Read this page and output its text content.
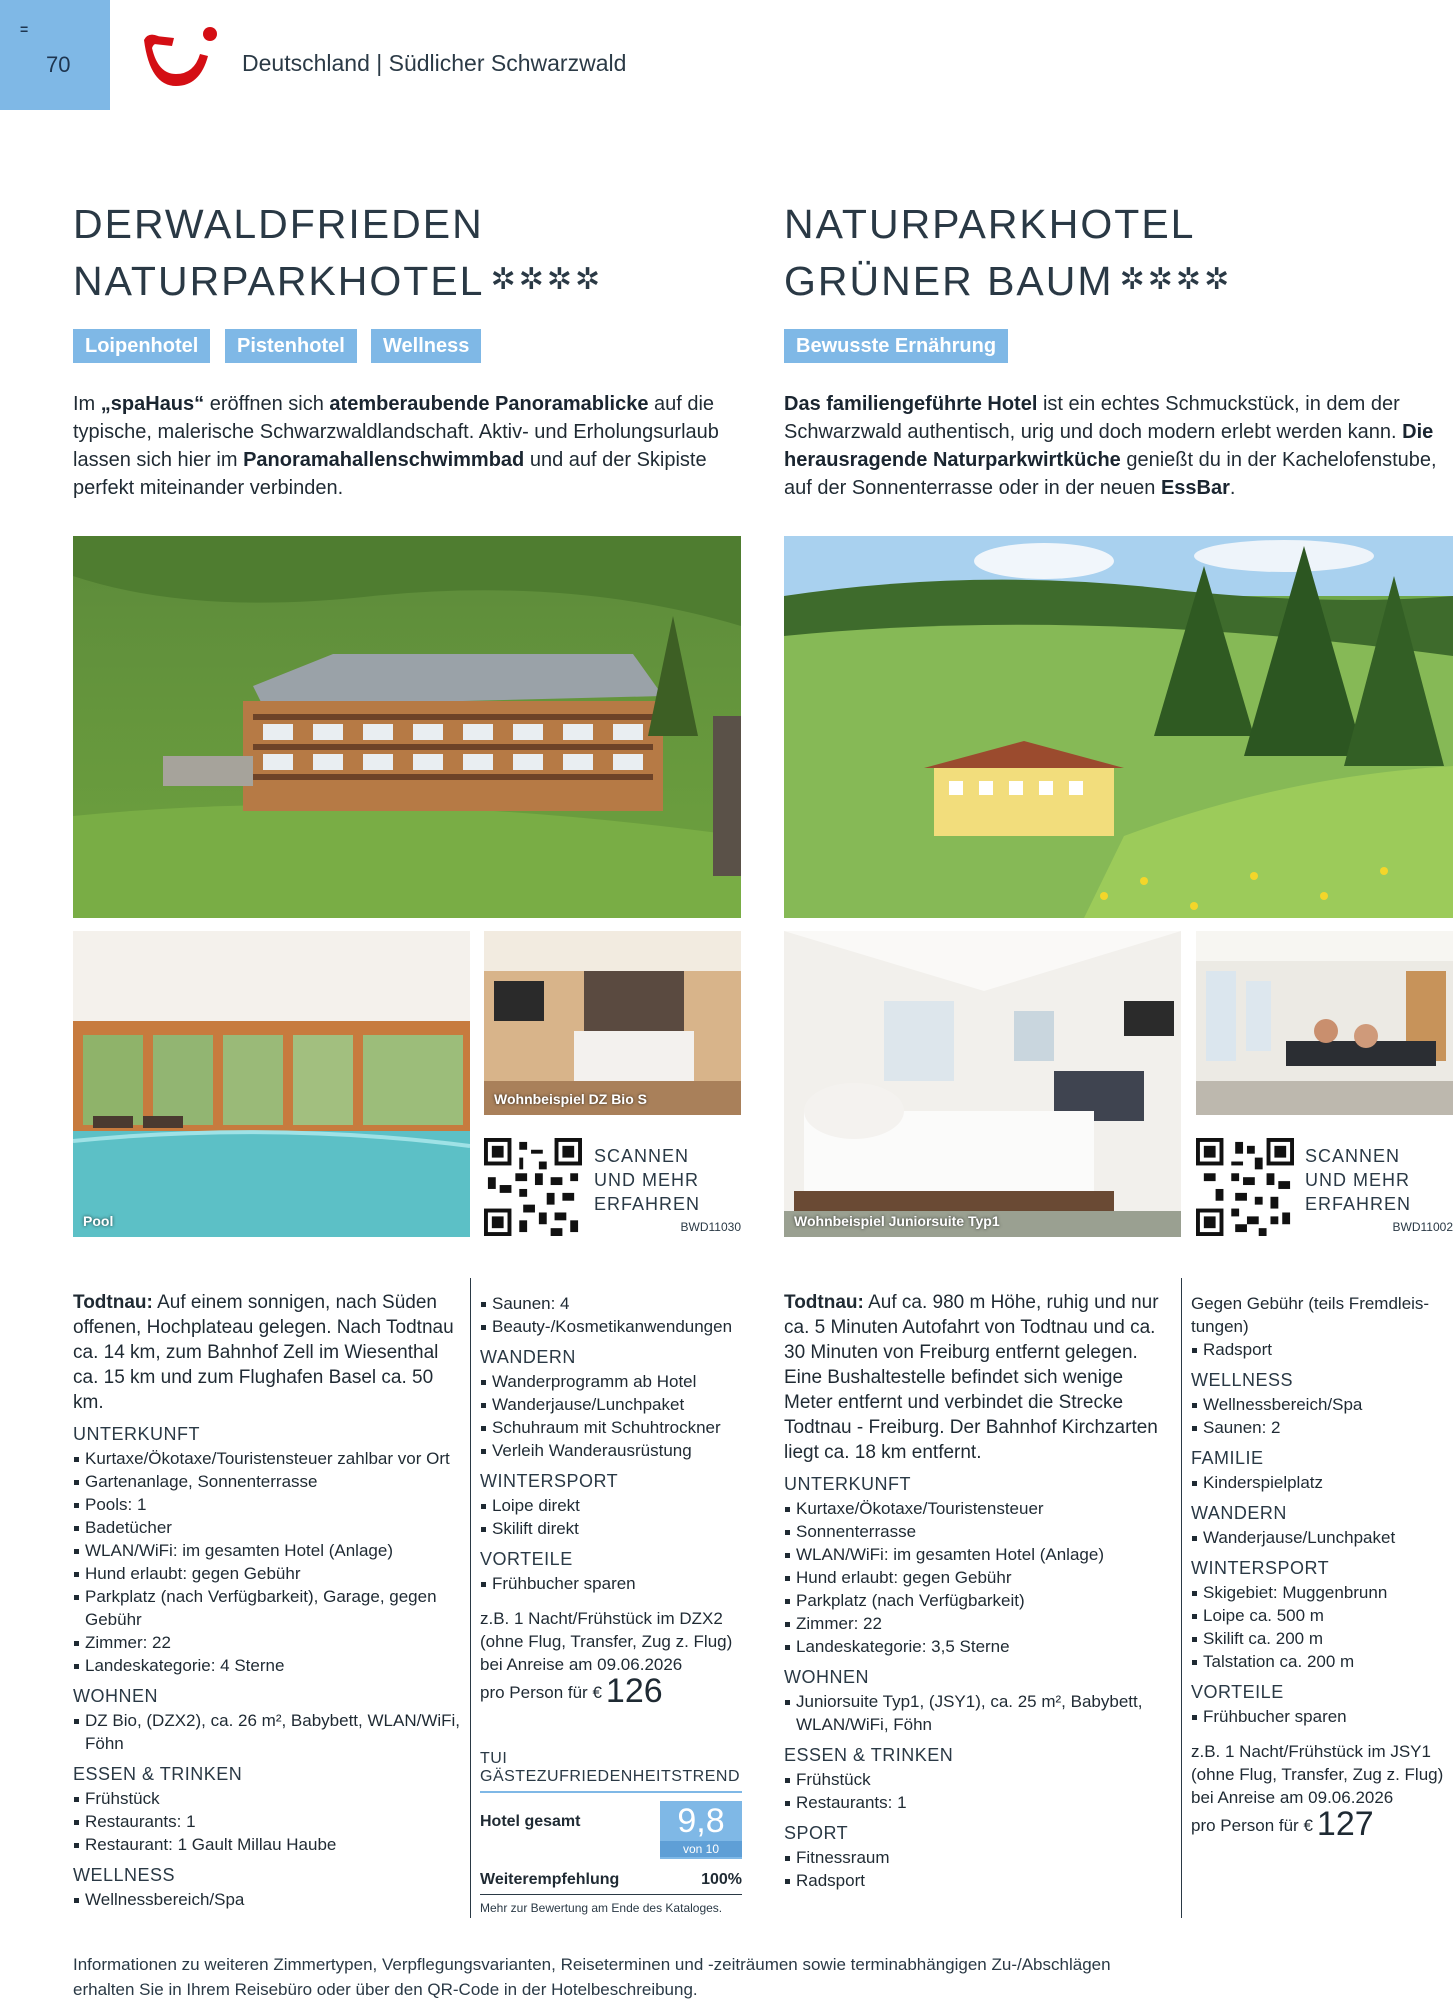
=
70	Deutschland | Südlicher Schwarzwald
DERWALDFRIEDEN
NATURPARKHOTEL ✲✲✲✲
Loipenhotel	Pistenhotel	Wellness

Im „spaHaus“ eröffnen sich atemberaubende Panoramablicke auf die typische, malerische Schwarzwaldlandschaft. Aktiv- und Erholungsurlaub lassen sich hier im Panoramahallenschwimmbad und auf der Skipiste perfekt miteinander verbinden.

NATURPARKHOTEL
GRÜNER BAUM ✲✲✲✲
Bewusste Ernährung

Das familiengeführte Hotel ist ein echtes Schmuckstück, in dem der Schwarzwald authentisch, urig und doch modern erlebt werden kann. Die herausragende Naturparkwirtküche genießt du in der Kachelofenstube, auf der Sonnenterrasse oder in der neuen EssBar.

Pool
Wohnbeispiel DZ Bio S
SCANNEN
UND MEHR
ERFAHREN
BWD11030	Wohnbeispiel Juniorsuite Typ1
SCANNEN
UND MEHR
ERFAHREN
BWD11002

Todtnau: Auf einem sonnigen, nach Süden offenen, Hochplateau gelegen. Nach Todtnau ca. 14 km, zum Bahnhof Zell im Wiesenthal ca. 15 km und zum Flughafen Basel ca. 50 km.

UNTERKUNFT
Kurtaxe/Ökotaxe/Touristensteuer zahlbar vor Ort
Gartenanlage, Sonnenterrasse
Pools: 1
Badetücher
WLAN/WiFi: im gesamten Hotel (Anlage)
Hund erlaubt: gegen Gebühr
Parkplatz (nach Verfügbarkeit), Garage, gegen Gebühr
Zimmer: 22
Landeskategorie: 4 Sterne
WOHNEN
DZ Bio, (DZX2), ca. 26 m², Babybett, WLAN/WiFi, Föhn
ESSEN & TRINKEN
Frühstück
Restaurants: 1
Restaurant: 1 Gault Millau Haube
WELLNESS
Wellnessbereich/Spa
Saunen: 4
Beauty-/Kosmetikanwendungen
WANDERN
Wanderprogramm ab Hotel
Wanderjause/Lunchpaket
Schuhraum mit Schuhtrockner
Verleih Wanderausrüstung
WINTERSPORT
Loipe direkt
Skilift direkt
VORTEILE
Frühbucher sparen

z.B. 1 Nacht/Frühstück im DZX2 (ohne Flug, Transfer, Zug z. Flug) bei Anreise am 09.06.2026

pro Person für € 126

TUI GÄSTEZUFRIEDENHEITSTREND
Hotel gesamt	9,8
von 10
Weiterempfehlung	100%
Mehr zur Bewertung am Ende des Kataloges.

Todtnau: Auf ca. 980 m Höhe, ruhig und nur ca. 5 Minuten Autofahrt von Todtnau und ca. 30 Minuten von Freiburg entfernt gelegen. Eine Bushaltestelle befindet sich wenige Meter entfernt und verbindet die Strecke Todtnau - Freiburg. Der Bahnhof Kirchzarten liegt ca. 18 km entfernt.

UNTERKUNFT
Kurtaxe/Ökotaxe/Touristensteuer
Sonnenterrasse
WLAN/WiFi: im gesamten Hotel (Anlage)
Hund erlaubt: gegen Gebühr
Parkplatz (nach Verfügbarkeit)
Zimmer: 22
Landeskategorie: 3,5 Sterne
WOHNEN
Juniorsuite Typ1, (JSY1), ca. 25 m², Babybett, WLAN/WiFi, Föhn
ESSEN & TRINKEN
Frühstück
Restaurants: 1
SPORT
Fitnessraum
Radsport

Gegen Gebühr (teils Fremdleis-tungen)

Radsport
WELLNESS
Wellnessbereich/Spa
Saunen: 2
FAMILIE
Kinderspielplatz
WANDERN
Wanderjause/Lunchpaket
WINTERSPORT
Skigebiet: Muggenbrunn
Loipe ca. 500 m
Skilift ca. 200 m
Talstation ca. 200 m
VORTEILE
Frühbucher sparen

z.B. 1 Nacht/Frühstück im JSY1 (ohne Flug, Transfer, Zug z. Flug) bei Anreise am 09.06.2026

pro Person für € 127

Informationen zu weiteren Zimmertypen, Verpflegungsvarianten, Reiseterminen und -zeiträumen sowie terminabhängigen Zu-/Abschlägen erhalten Sie in Ihrem Reisebüro oder über den QR-Code in der Hotelbeschreibung.
